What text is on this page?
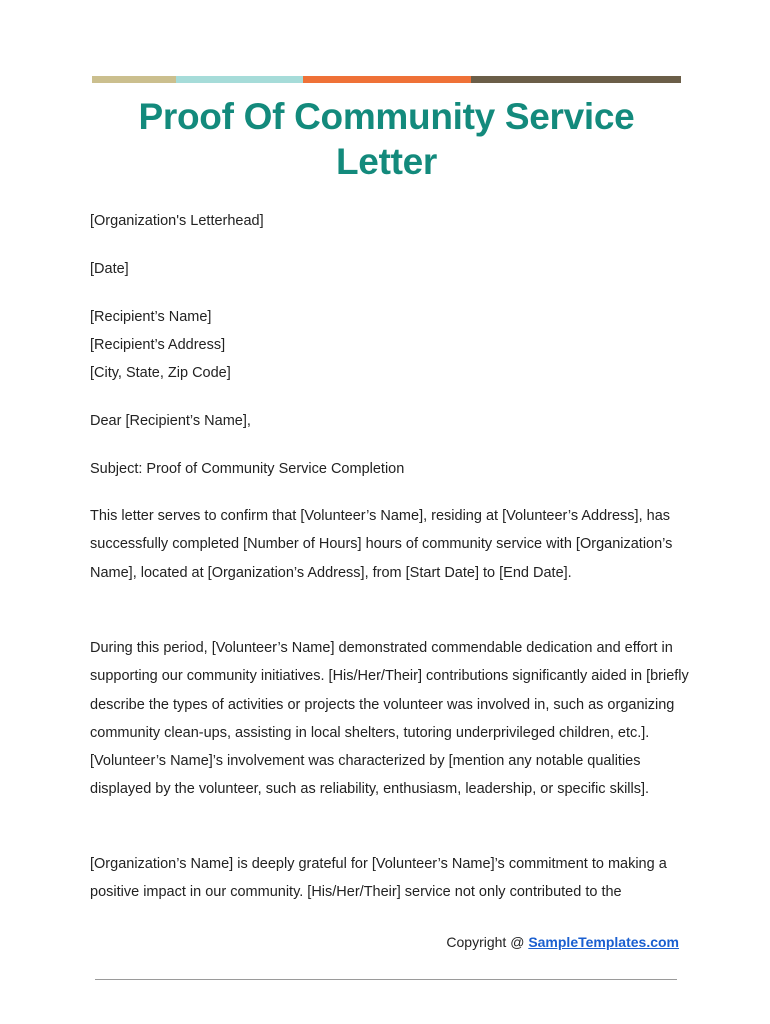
Proof Of Community Service
Letter
[Organization's Letterhead]
[Date]
[Recipient’s Name]
[Recipient’s Address]
[City, State, Zip Code]
Dear [Recipient’s Name],
Subject: Proof of Community Service Completion

This letter serves to confirm that [Volunteer’s Name], residing at [Volunteer’s Address], has successfully completed [Number of Hours] hours of community service with [Organization’s Name], located at [Organization’s Address], from [Start Date] to [End Date].

During this period, [Volunteer’s Name] demonstrated commendable dedication and effort in supporting our community initiatives. [His/Her/Their] contributions significantly aided in [briefly describe the types of activities or projects the volunteer was involved in, such as organizing community clean-ups, assisting in local shelters, tutoring underprivileged children, etc.]. [Volunteer’s Name]’s involvement was characterized by [mention any notable qualities displayed by the volunteer, such as reliability, enthusiasm, leadership, or specific skills].

[Organization’s Name] is deeply grateful for [Volunteer’s Name]’s commitment to making a positive impact in our community. [His/Her/Their] service not only contributed to the

Copyright @ SampleTemplates.com
